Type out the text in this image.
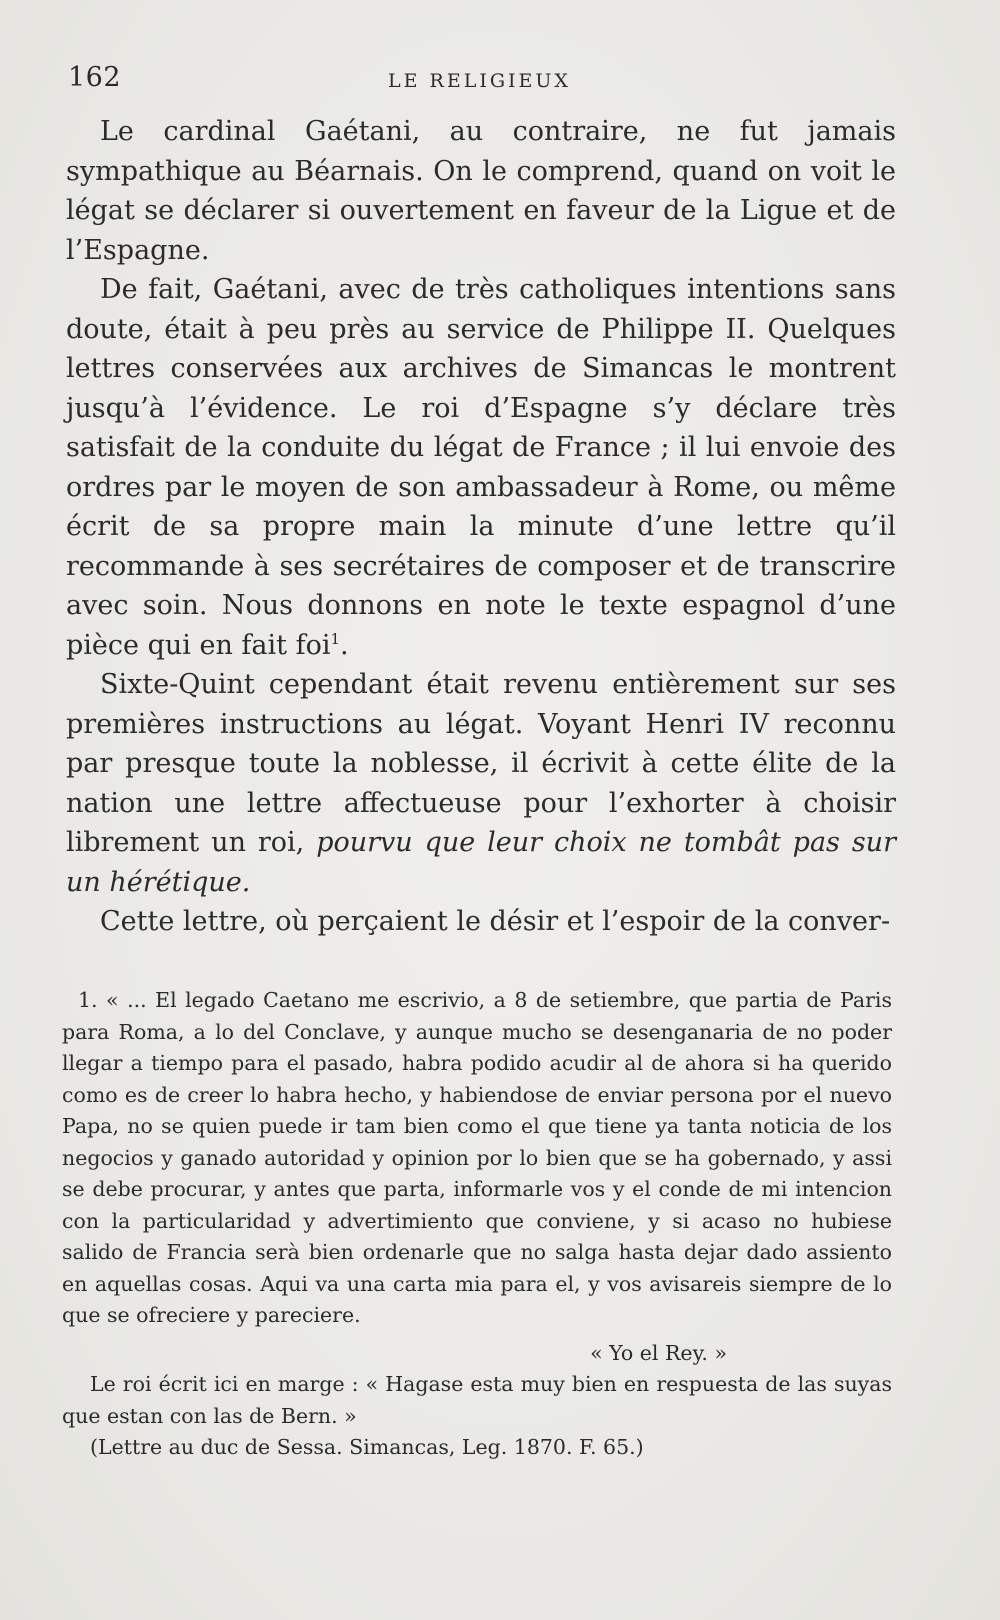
162	LE RELIGIEUX

Le cardinal Gaétani, au contraire, ne fut jamais sympathique au Béarnais. On le comprend, quand on voit le légat se déclarer si ouvertement en faveur de la Ligue et de l’Espagne.

De fait, Gaétani, avec de très catholiques intentions sans doute, était à peu près au service de Philippe II. Quelques lettres conservées aux archives de Simancas le montrent jusqu’à l’évidence. Le roi d’Espagne s’y déclare très satisfait de la conduite du légat de France ; il lui envoie des ordres par le moyen de son ambassadeur à Rome, ou même écrit de sa propre main la minute d’une lettre qu’il recommande à ses secrétaires de composer et de transcrire avec soin. Nous donnons en note le texte espagnol d’une pièce qui en fait foi$^1$.

Sixte-Quint cependant était revenu entièrement sur ses premières instructions au légat. Voyant Henri IV reconnu par presque toute la noblesse, il écrivit à cette élite de la nation une lettre affectueuse pour l’exhorter à choisir librement un roi, pourvu que leur choix ne tombât pas sur un hérétique.

Cette lettre, où perçaient le désir et l’espoir de la conver-

1. « ... El legado Caetano me escrivio, a 8 de setiembre, que partia de Paris para Roma, a lo del Conclave, y aunque mucho se desenganaria de no poder llegar a tiempo para el pasado, habra podido acudir al de ahora si ha querido como es de creer lo habra hecho, y habiendose de enviar persona por el nuevo Papa, no se quien puede ir tam bien como el que tiene ya tanta noticia de los negocios y ganado autoridad y opinion por lo bien que se ha gobernado, y assi se debe procurar, y antes que parta, informarle vos y el conde de mi intencion con la particularidad y advertimiento que conviene, y si acaso no hubiese salido de Francia serà bien ordenarle que no salga hasta dejar dado assiento en aquellas cosas. Aqui va una carta mia para el, y vos avisareis siempre de lo que se ofreciere y pareciere.

« Yo el Rey. »

Le roi écrit ici en marge : « Hagase esta muy bien en respuesta de las suyas que estan con las de Bern. »

(Lettre au duc de Sessa. Simancas, Leg. 1870. F. 65.)
